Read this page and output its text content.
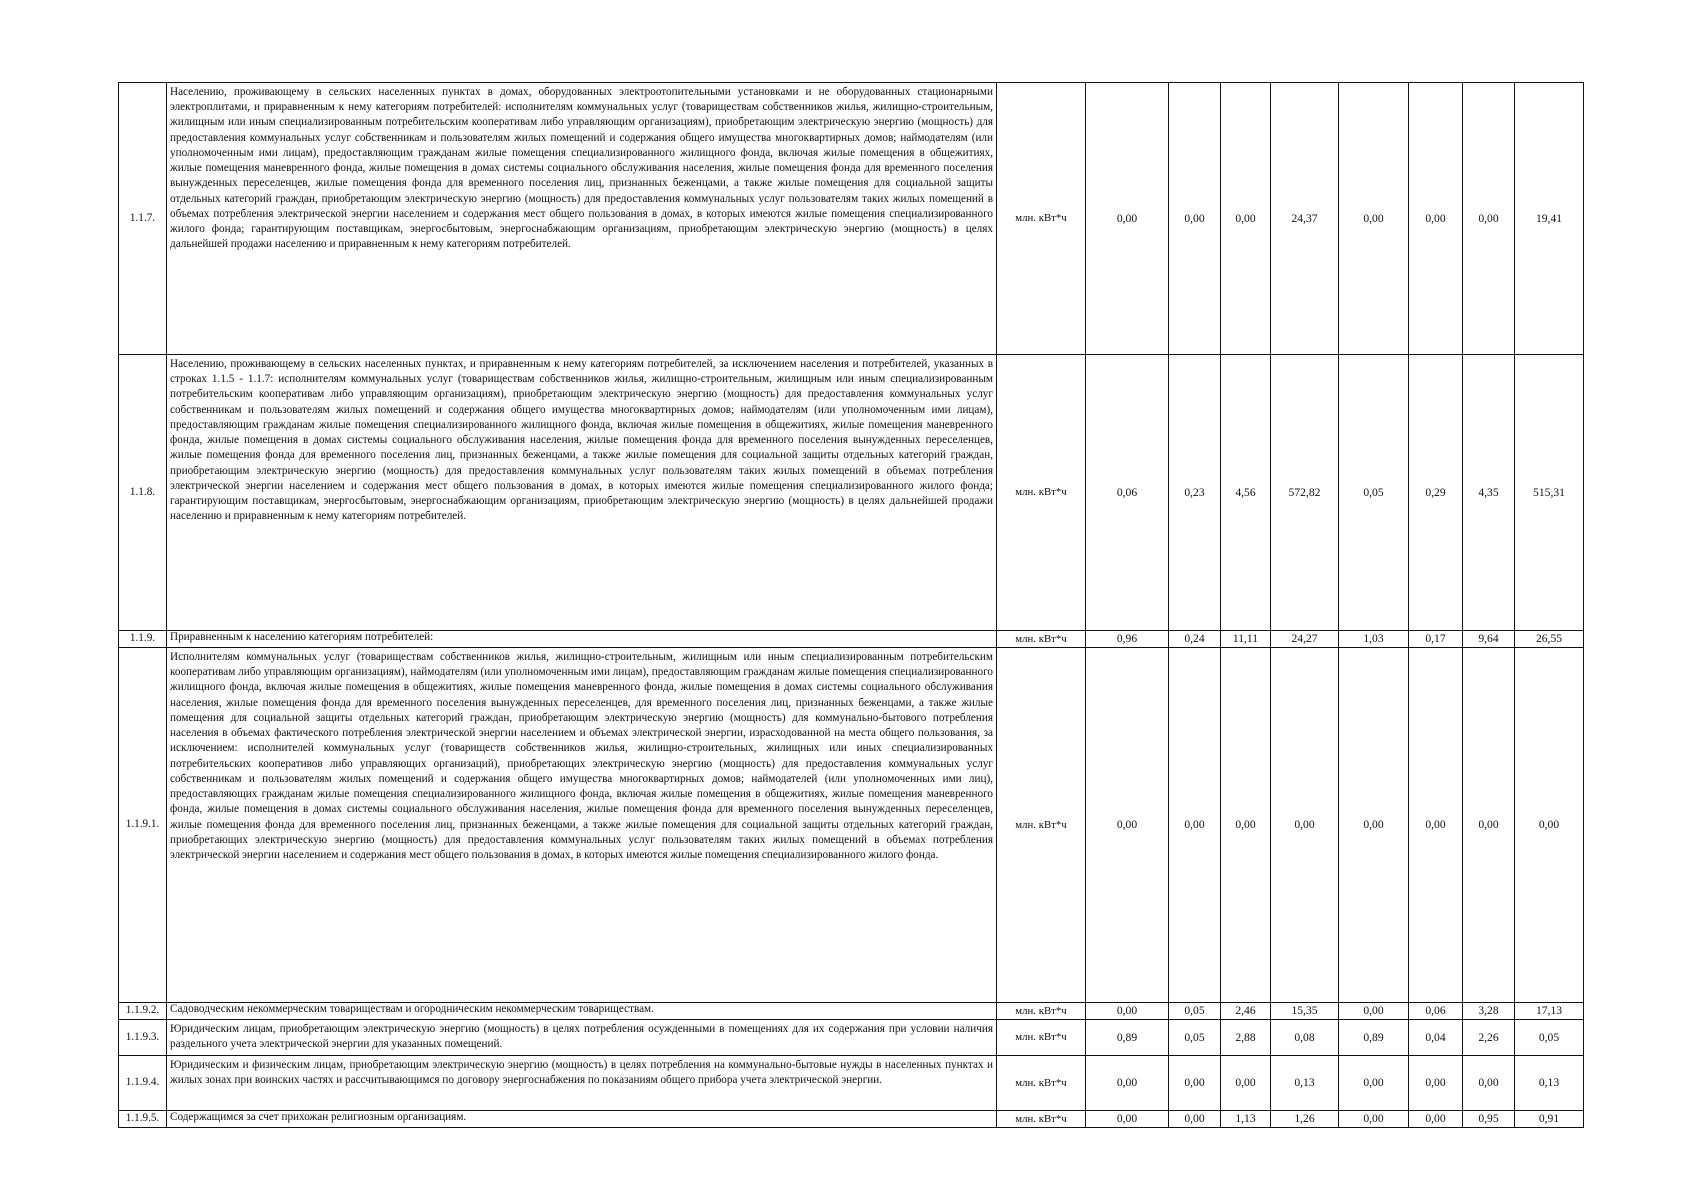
1.1.7.	Населению, проживающему в сельских населенных пунктах в домах, оборудованных электроотопительными установками и не оборудованных стационарными электроплитами, и приравненным к нему категориям потребителей: исполнителям коммунальных услуг (товариществам собственников жилья, жилищно-строительным, жилищным или иным специализированным потребительским кооперативам либо управляющим организациям), приобретающим электрическую энергию (мощность) для предоставления коммунальных услуг собственникам и пользователям жилых помещений и содержания общего имущества многоквартирных домов; наймодателям (или уполномоченным ими лицам), предоставляющим гражданам жилые помещения специализированного жилищного фонда, включая жилые помещения в общежитиях, жилые помещения маневренного фонда, жилые помещения в домах системы социального обслуживания населения, жилые помещения фонда для временного поселения вынужденных переселенцев, жилые помещения фонда для временного поселения лиц, признанных беженцами, а также жилые помещения для социальной защиты отдельных категорий граждан, приобретающим электрическую энергию (мощность) для предоставления коммунальных услуг пользователям таких жилых помещений в объемах потребления электрической энергии населением и содержания мест общего пользования в домах, в которых имеются жилые помещения специализированного жилого фонда; гарантирующим поставщикам, энергосбытовым, энергоснабжающим организациям, приобретающим электрическую энергию (мощность) в целях дальнейшей продажи населению и приравненным к нему категориям потребителей.	млн. кВт*ч	0,00	0,00	0,00	24,37	0,00	0,00	0,00	19,41
1.1.8.	Населению, проживающему в сельских населенных пунктах, и приравненным к нему категориям потребителей, за исключением населения и потребителей, указанных в строках 1.1.5 - 1.1.7: исполнителям коммунальных услуг (товариществам собственников жилья, жилищно-строительным, жилищным или иным специализированным потребительским кооперативам либо управляющим организациям), приобретающим электрическую энергию (мощность) для предоставления коммунальных услуг собственникам и пользователям жилых помещений и содержания общего имущества многоквартирных домов; наймодателям (или уполномоченным ими лицам), предоставляющим гражданам жилые помещения специализированного жилищного фонда, включая жилые помещения в общежитиях, жилые помещения маневренного фонда, жилые помещения в домах системы социального обслуживания населения, жилые помещения фонда для временного поселения вынужденных переселенцев, жилые помещения фонда для временного поселения лиц, признанных беженцами, а также жилые помещения для социальной защиты отдельных категорий граждан, приобретающим электрическую энергию (мощность) для предоставления коммунальных услуг пользователям таких жилых помещений в объемах потребления электрической энергии населением и содержания мест общего пользования в домах, в которых имеются жилые помещения специализированного жилого фонда; гарантирующим поставщикам, энергосбытовым, энергоснабжающим организациям, приобретающим электрическую энергию (мощность) в целях дальнейшей продажи населению и приравненным к нему категориям потребителей.	млн. кВт*ч	0,06	0,23	4,56	572,82	0,05	0,29	4,35	515,31
1.1.9.	Приравненным к населению категориям потребителей:	млн. кВт*ч	0,96	0,24	11,11	24,27	1,03	0,17	9,64	26,55
1.1.9.1.	Исполнителям коммунальных услуг (товариществам собственников жилья, жилищно-строительным, жилищным или иным специализированным потребительским кооперативам либо управляющим организациям), наймодателям (или уполномоченным ими лицам), предоставляющим гражданам жилые помещения специализированного жилищного фонда, включая жилые помещения в общежитиях, жилые помещения маневренного фонда, жилые помещения в домах системы социального обслуживания населения, жилые помещения фонда для временного поселения вынужденных переселенцев, для временного поселения лиц, признанных беженцами, а также жилые помещения для социальной защиты отдельных категорий граждан, приобретающим электрическую энергию (мощность) для коммунально-бытового потребления населения в объемах фактического потребления электрической энергии населением и объемах электрической энергии, израсходованной на места общего пользования, за исключением: исполнителей коммунальных услуг (товариществ собственников жилья, жилищно-строительных, жилищных или иных специализированных потребительских кооперативов либо управляющих организаций), приобретающих электрическую энергию (мощность) для предоставления коммунальных услуг собственникам и пользователям жилых помещений и содержания общего имущества многоквартирных домов; наймодателей (или уполномоченных ими лиц), предоставляющих гражданам жилые помещения специализированного жилищного фонда, включая жилые помещения в общежитиях, жилые помещения маневренного фонда, жилые помещения в домах системы социального обслуживания населения, жилые помещения фонда для временного поселения вынужденных переселенцев, жилые помещения фонда для временного поселения лиц, признанных беженцами, а также жилые помещения для социальной защиты отдельных категорий граждан, приобретающих электрическую энергию (мощность) для предоставления коммунальных услуг пользователям таких жилых помещений в объемах потребления электрической энергии населением и содержания мест общего пользования в домах, в которых имеются жилые помещения специализированного жилого фонда.	млн. кВт*ч	0,00	0,00	0,00	0,00	0,00	0,00	0,00	0,00
1.1.9.2.	Садоводческим некоммерческим товариществам и огородническим некоммерческим товариществам.	млн. кВт*ч	0,00	0,05	2,46	15,35	0,00	0,06	3,28	17,13
1.1.9.3.	Юридическим лицам, приобретающим электрическую энергию (мощность) в целях потребления осужденными в помещениях для их содержания при условии наличия раздельного учета электрической энергии для указанных помещений.	млн. кВт*ч	0,89	0,05	2,88	0,08	0,89	0,04	2,26	0,05
1.1.9.4.	Юридическим и физическим лицам, приобретающим электрическую энергию (мощность) в целях потребления на коммунально-бытовые нужды в населенных пунктах и жилых зонах при воинских частях и рассчитывающимся по договору энергоснабжения по показаниям общего прибора учета электрической энергии.	млн. кВт*ч	0,00	0,00	0,00	0,13	0,00	0,00	0,00	0,13
1.1.9.5.	Содержащимся за счет прихожан религиозным организациям.	млн. кВт*ч	0,00	0,00	1,13	1,26	0,00	0,00	0,95	0,91
